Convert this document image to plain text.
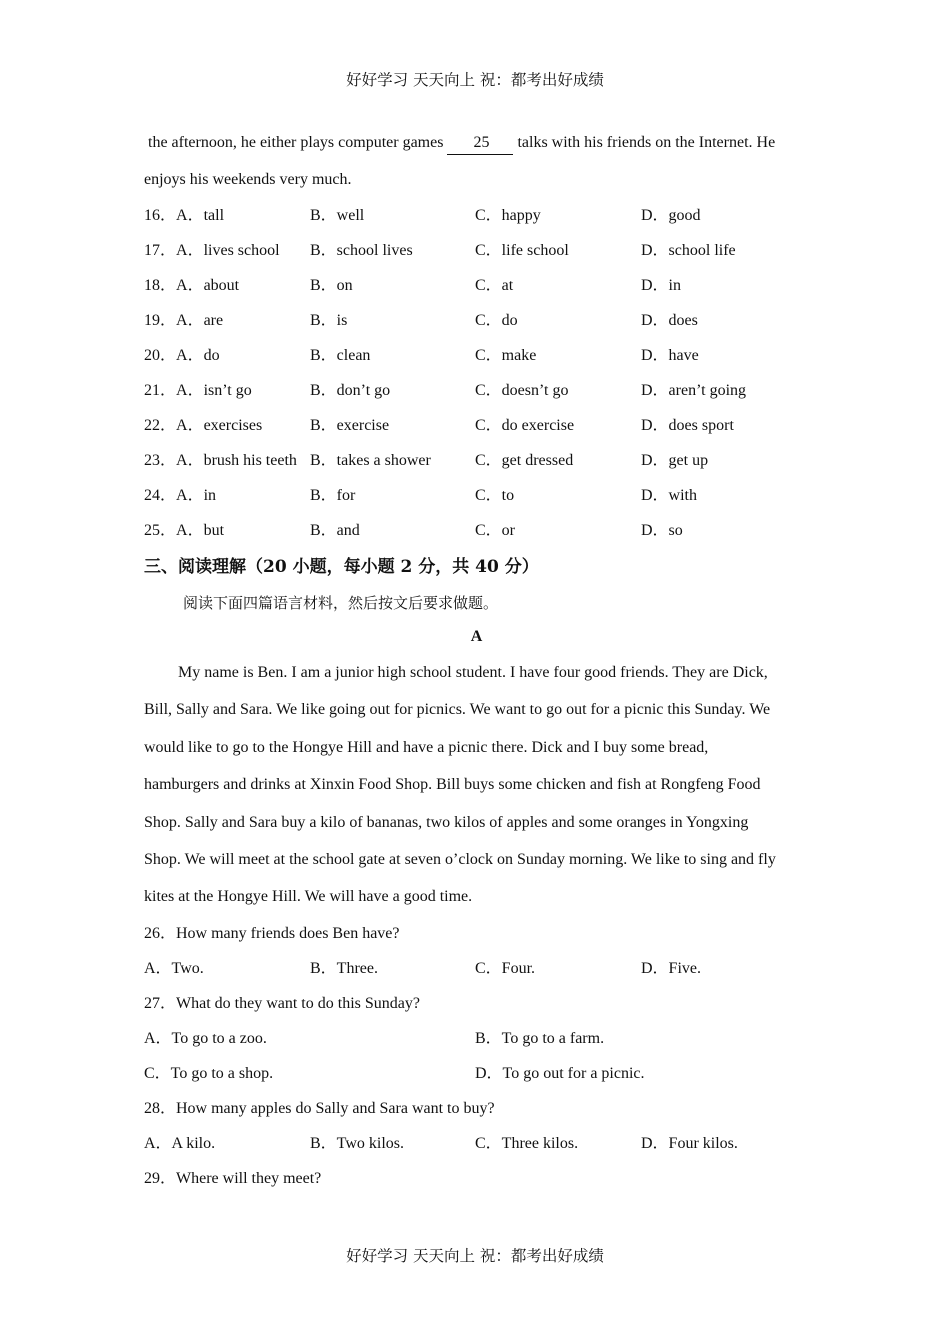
好好学习 天天向上 祝：都考出好成绩

the afternoon, he either plays computer games 25 talks with his friends on the Internet. He

enjoys his weekends very much.

16．A．tall	B．well	C．happy	D．good
17．A．lives school B．school lives	C．life school	D．school life
18．A．about	B．on	C．at	D．in
19．A．are	B．is	C．do	D．does
20．A．do	B．clean	C．make	D．have
21．A．isn’t go	B．don’t go	C．doesn’t go	D．aren’t going
22．A．exercises	B．exercise	C．do exercise	D．does sport
23．A．brush his teeth B．takes a shower	C．get dressed	D．get up
24．A．in	B．for	C．to	D．with
25．A．but	B．and	C．or	D．so
三、阅读理解（20 小题，每小题 2 分，共 40 分）
阅读下面四篇语言材料，然后按文后要求做题。
A
My name is Ben. I am a junior high school student. I have four good friends. They are Dick,
Bill, Sally and Sara. We like going out for picnics. We want to go out for a picnic this Sunday. We
would like to go to the Hongye Hill and have a picnic there. Dick and I buy some bread,
hamburgers and drinks at Xinxin Food Shop. Bill buys some chicken and fish at Rongfeng Food
Shop. Sally and Sara buy a kilo of bananas, two kilos of apples and some oranges in Yongxing
Shop. We will meet at the school gate at seven o’clock on Sunday morning. We like to sing and fly
kites at the Hongye Hill. We will have a good time.
26．How many friends does Ben have?
A．Two.	B．Three.	C．Four.	D．Five.
27．What do they want to do this Sunday?
A．To go to a zoo.	B．To go to a farm.
C．To go to a shop.	D．To go out for a picnic.
28．How many apples do Sally and Sara want to buy?
A．A kilo.	B．Two kilos.	C．Three kilos.	D．Four kilos.
29．Where will they meet?
好好学习 天天向上 祝：都考出好成绩
